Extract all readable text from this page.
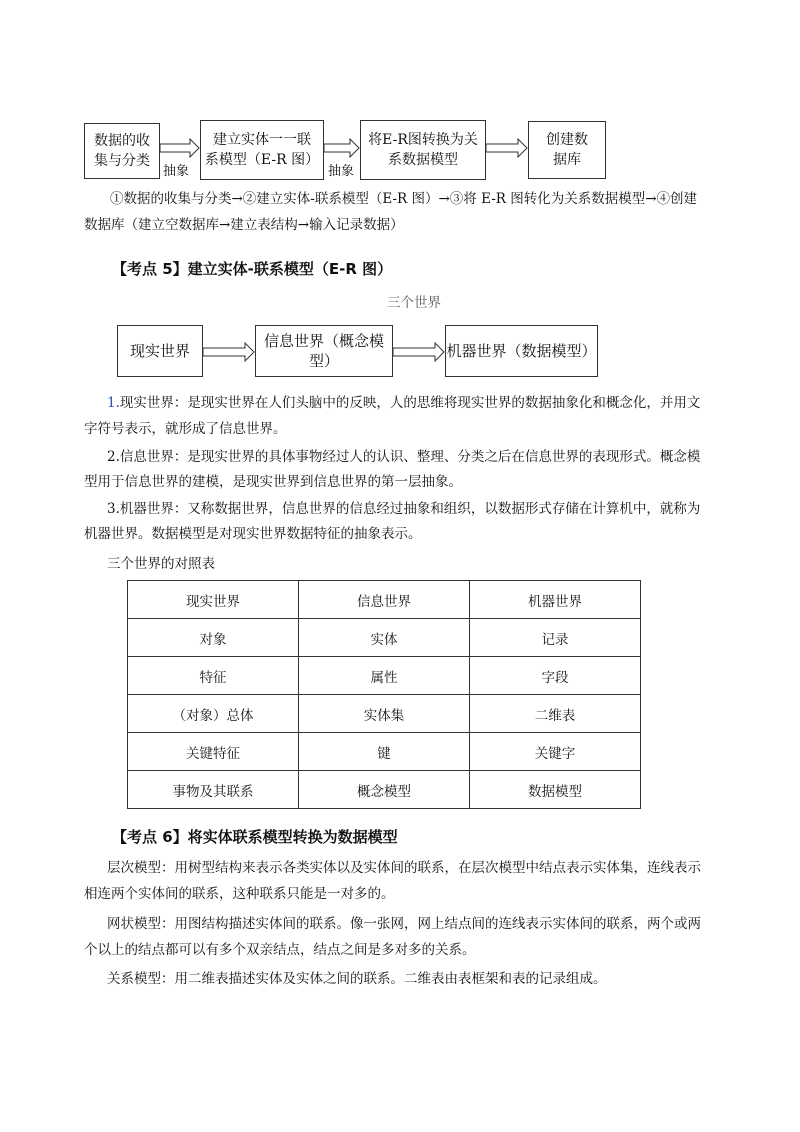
数据的收
集与分类
抽象
建立实体一一联
系模型（E-R 图）
抽象
将E-R图转换为关
系数据模型
创建数
据库
①数据的收集与分类→②建立实体-联系模型（E-R 图）→③将 E-R 图转化为关系数据模型→④创建
数据库（建立空数据库→建立表结构→输入记录数据）
【考点 5】建立实体-联系模型（E-R 图）
三个世界
现实世界
信息世界（概念模型）
机器世界（数据模型）
1.现实世界：是现实世界在人们头脑中的反映，人的思维将现实世界的数据抽象化和概念化，并用文
字符号表示，就形成了信息世界。
2.信息世界：是现实世界的具体事物经过人的认识、整理、分类之后在信息世界的表现形式。概念模
型用于信息世界的建模，是现实世界到信息世界的第一层抽象。
3.机器世界：又称数据世界，信息世界的信息经过抽象和组织，以数据形式存储在计算机中，就称为
机器世界。数据模型是对现实世界数据特征的抽象表示。
三个世界的对照表
现实世界	信息世界	机器世界
对象	实体	记录
特征	属性	字段
（对象）总体	实体集	二维表
关键特征	键	关键字
事物及其联系	概念模型	数据模型
【考点 6】将实体联系模型转换为数据模型
层次模型：用树型结构来表示各类实体以及实体间的联系，在层次模型中结点表示实体集，连线表示
相连两个实体间的联系，这种联系只能是一对多的。
网状模型：用图结构描述实体间的联系。像一张网，网上结点间的连线表示实体间的联系，两个或两
个以上的结点都可以有多个双亲结点，结点之间是多对多的关系。
关系模型：用二维表描述实体及实体之间的联系。二维表由表框架和表的记录组成。
